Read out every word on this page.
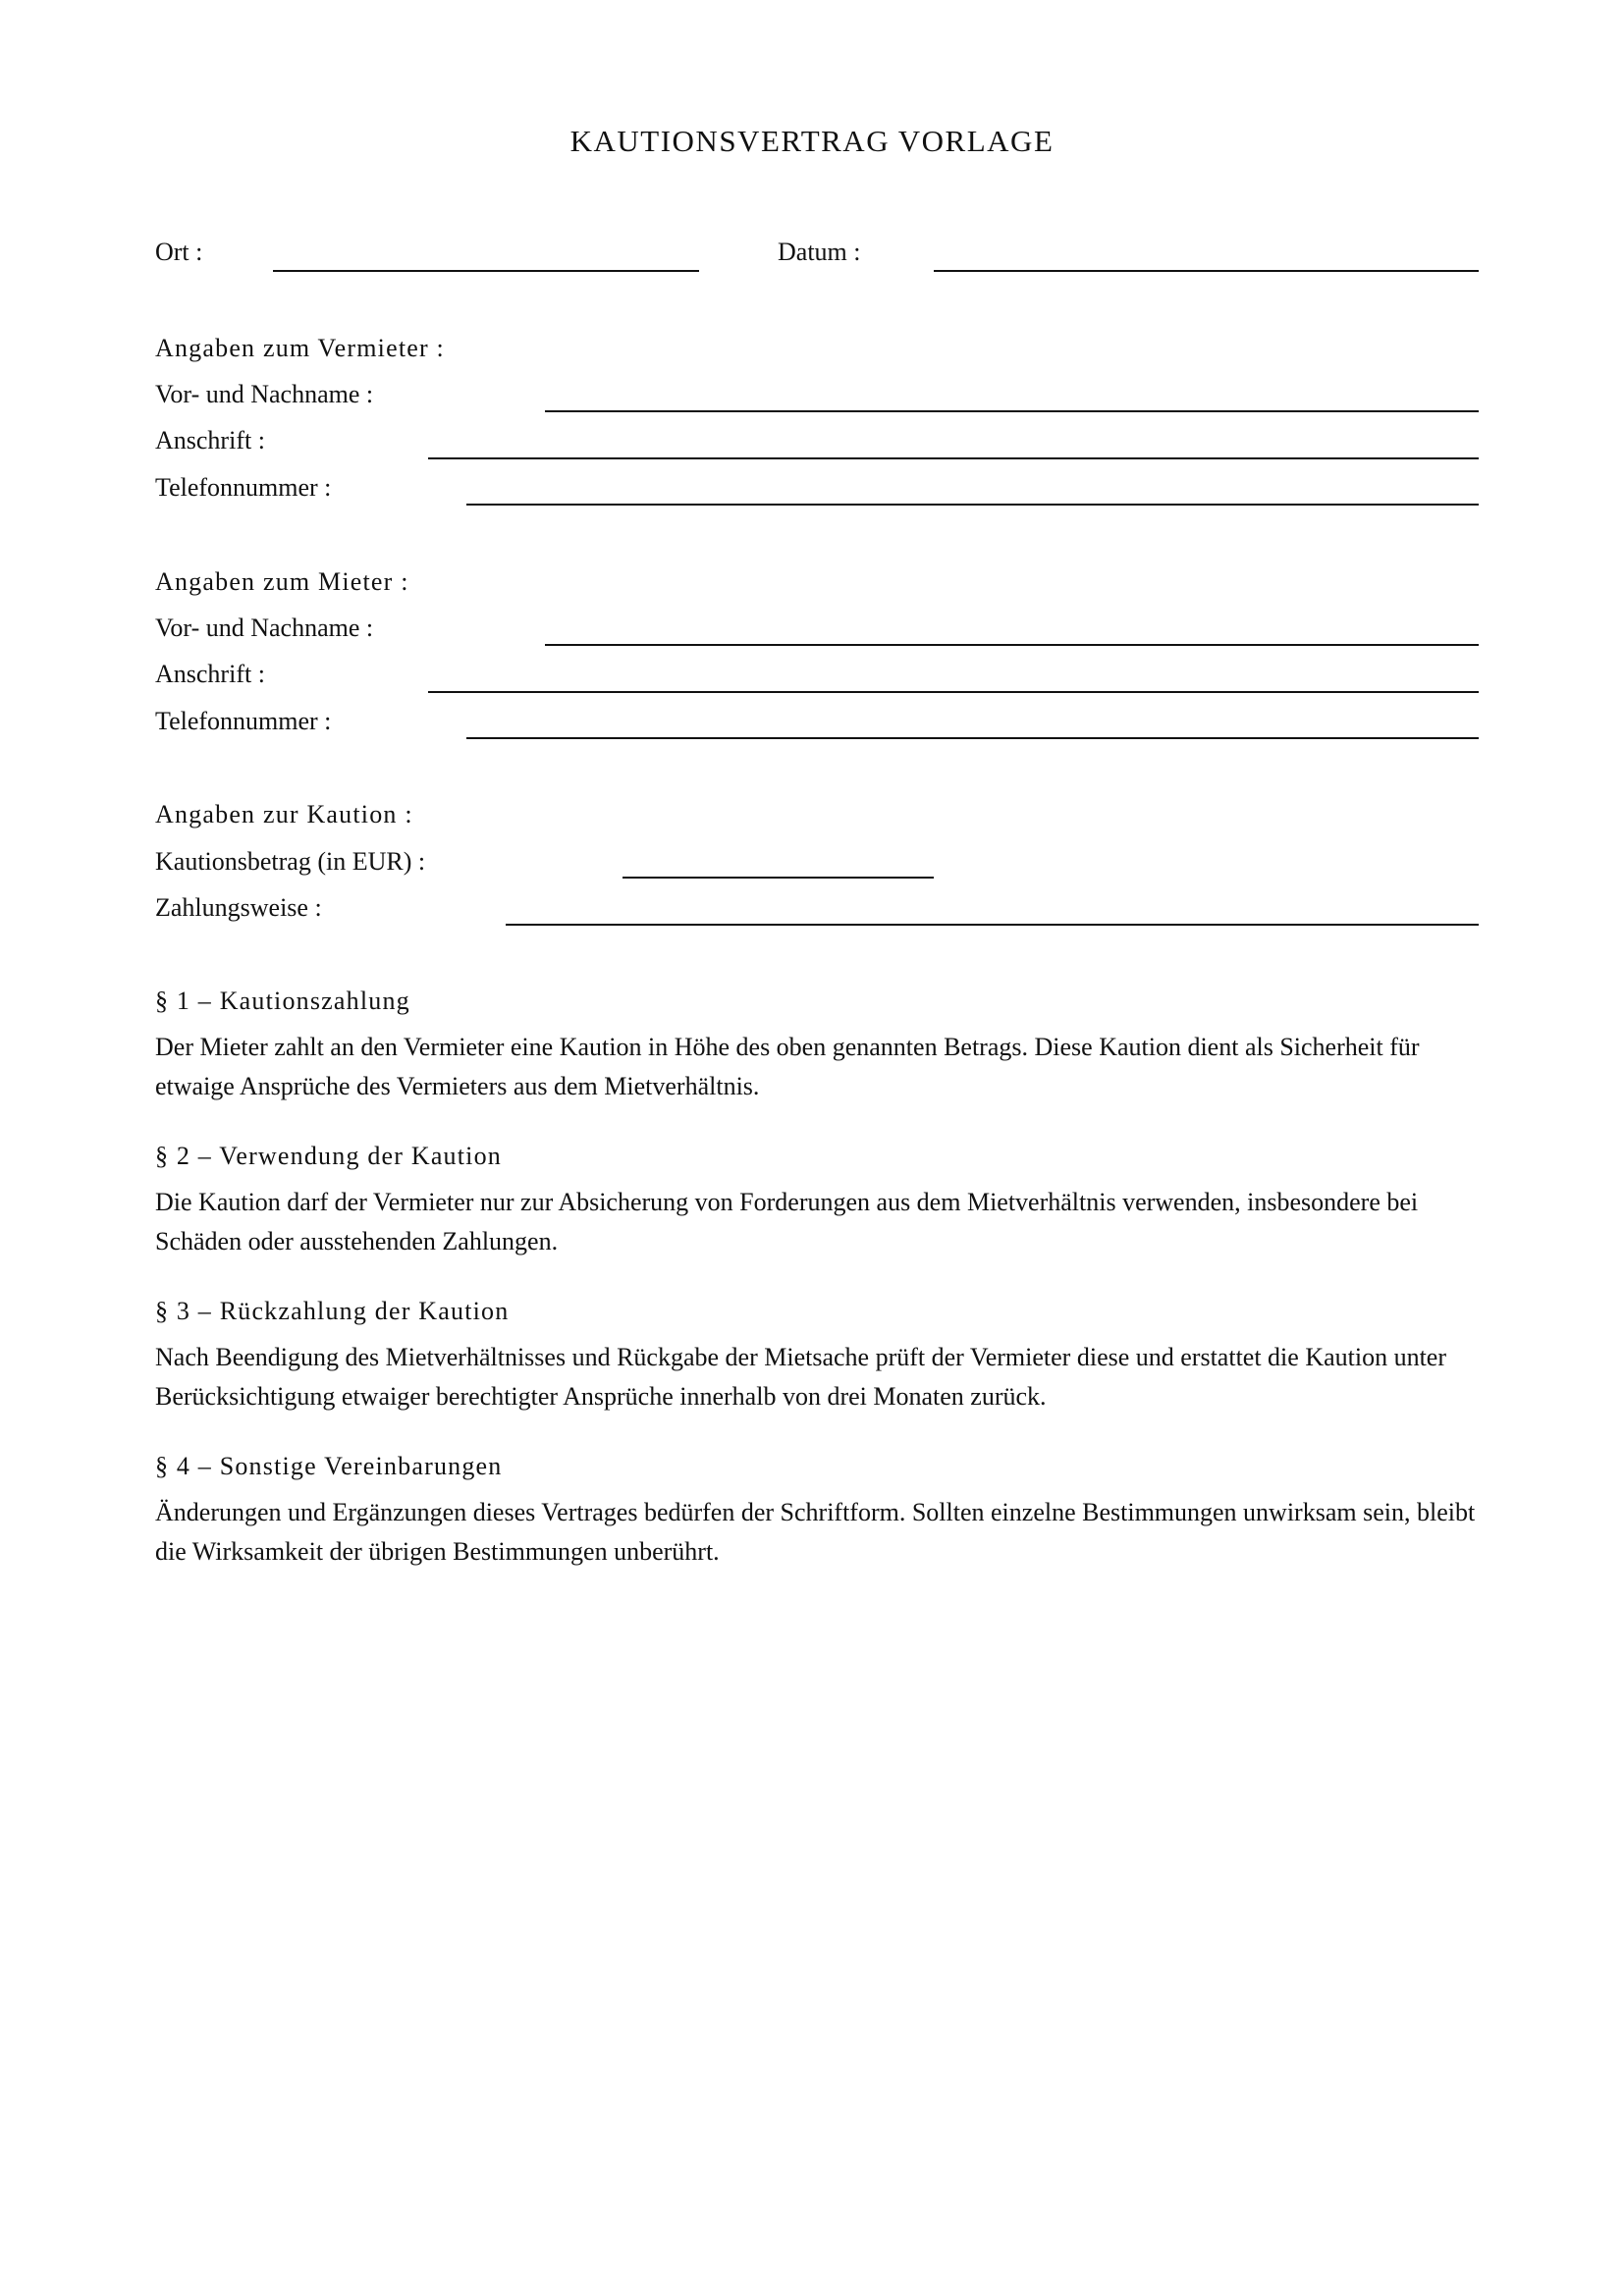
KAUTIONSVERTRAG VORLAGE
Ort :	Datum :
Angaben zum Vermieter :
Vor- und Nachname :
Anschrift :
Telefonnummer :
Angaben zum Mieter :
Vor- und Nachname :
Anschrift :
Telefonnummer :
Angaben zur Kaution :
Kautionsbetrag (in EUR) :
Zahlungsweise :
§ 1 – Kautionszahlung
Der Mieter zahlt an den Vermieter eine Kaution in Höhe des oben genannten Betrags. Diese Kaution dient als Sicherheit für etwaige Ansprüche des Vermieters aus dem Mietverhältnis.
§ 2 – Verwendung der Kaution
Die Kaution darf der Vermieter nur zur Absicherung von Forderungen aus dem Mietverhältnis verwenden, insbesondere bei Schäden oder ausstehenden Zahlungen.
§ 3 – Rückzahlung der Kaution
Nach Beendigung des Mietverhältnisses und Rückgabe der Mietsache prüft der Vermieter diese und erstattet die Kaution unter Berücksichtigung etwaiger berechtigter Ansprüche innerhalb von drei Monaten zurück.
§ 4 – Sonstige Vereinbarungen
Änderungen und Ergänzungen dieses Vertrages bedürfen der Schriftform. Sollten einzelne Bestimmungen unwirksam sein, bleibt die Wirksamkeit der übrigen Bestimmungen unberührt.
